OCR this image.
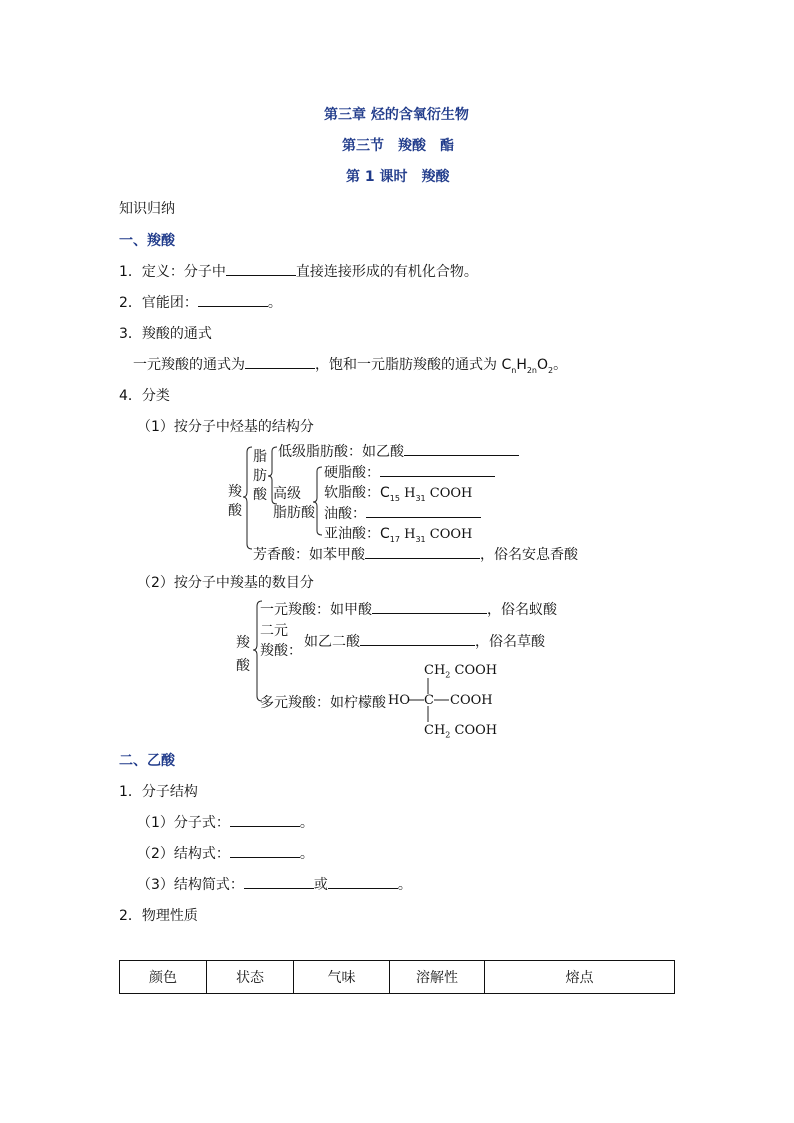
第三章 烃的含氧衍生物
第三节　羧酸　酯
第 1 课时　羧酸
知识归纳
一、羧酸
1．定义：分子中	直接连接形成的有机化合物。
2．官能团：	。
3．羧酸的通式
一元羧酸的通式为	，饱和一元脂肪羧酸的通式为 $C_nH_{2n}O_2$。
4．分类
（1）按分子中烃基的结构分
羧
酸
脂
肪
酸
低级脂肪酸：如乙酸
高级
脂肪酸
硬脂酸：
软脂酸：$C_{15}$ $H_{31}$ COOH
油酸：
亚油酸：$C_{17}$ $H_{31}$ COOH
芳香酸：如苯甲酸	，俗名安息香酸
（2）按分子中羧基的数目分
羧
酸
一元羧酸：如甲酸	，俗名蚁酸
二元
羧酸：
如乙二酸	，俗名草酸
多元羧酸：如柠檬酸 HO C COOH
$CH_2$ COOH
$CH_2$ COOH
二、乙酸
1．分子结构
（1）分子式：	。
（2）结构式：	。
（3）结构简式：	或	。
2．物理性质
颜色	状态	气味	溶解性	熔点
